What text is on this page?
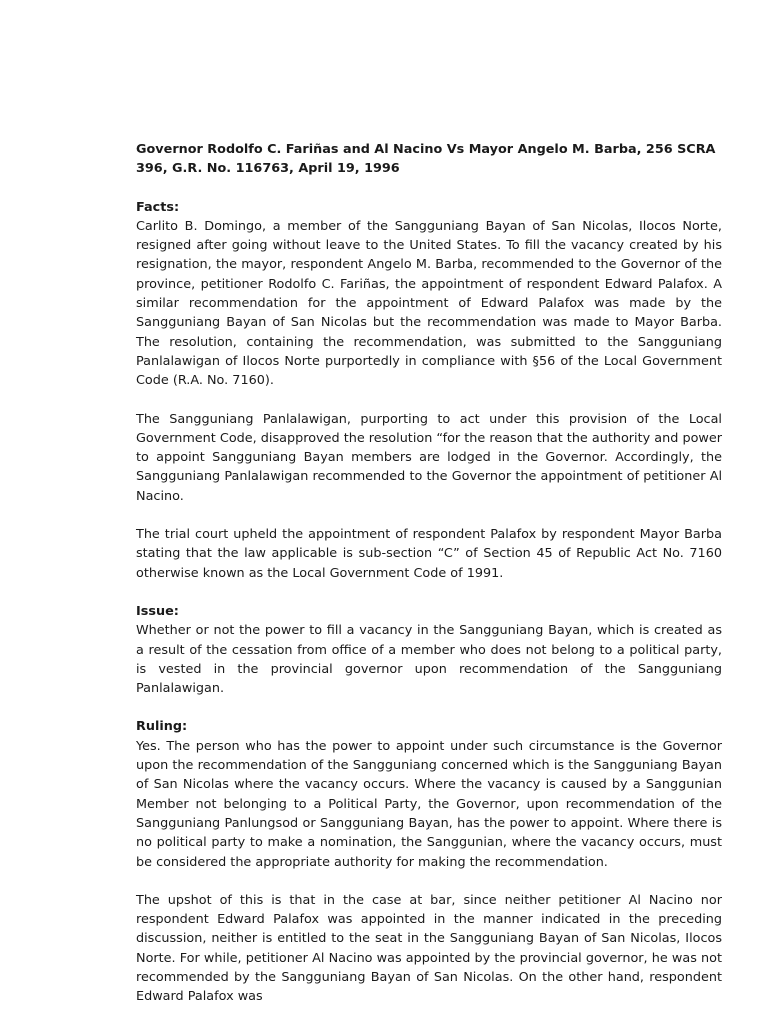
Governor Rodolfo C. Fariñas and Al Nacino Vs Mayor Angelo M. Barba, 256 SCRA 396, G.R. No. 116763, April 19, 1996

Facts:

Carlito B. Domingo, a member of the Sangguniang Bayan of San Nicolas, Ilocos Norte, resigned after going without leave to the United States. To fill the vacancy created by his resignation, the mayor, respondent Angelo M. Barba, recommended to the Governor of the province, petitioner Rodolfo C. Fariñas, the appointment of respondent Edward Palafox. A similar recommendation for the appointment of Edward Palafox was made by the Sangguniang Bayan of San Nicolas but the recommendation was made to Mayor Barba. The resolution, containing the recommendation, was submitted to the Sangguniang Panlalawigan of Ilocos Norte purportedly in compliance with §56 of the Local Government Code (R.A. No. 7160).

The Sangguniang Panlalawigan, purporting to act under this provision of the Local Government Code, disapproved the resolution “for the reason that the authority and power to appoint Sangguniang Bayan members are lodged in the Governor. Accordingly, the Sangguniang Panlalawigan recommended to the Governor the appointment of petitioner Al Nacino.

The trial court upheld the appointment of respondent Palafox by respondent Mayor Barba stating that the law applicable is sub-section “C” of Section 45 of Republic Act No. 7160 otherwise known as the Local Government Code of 1991.

Issue:

Whether or not the power to fill a vacancy in the Sangguniang Bayan, which is created as a result of the cessation from office of a member who does not belong to a political party, is vested in the provincial governor upon recommendation of the Sangguniang Panlalawigan.

Ruling:

Yes. The person who has the power to appoint under such circumstance is the Governor upon the recommendation of the Sangguniang concerned which is the Sangguniang Bayan of San Nicolas where the vacancy occurs. Where the vacancy is caused by a Sanggunian Member not belonging to a Political Party, the Governor, upon recommendation of the Sangguniang Panlungsod or Sangguniang Bayan, has the power to appoint. Where there is no political party to make a nomination, the Sanggunian, where the vacancy occurs, must be considered the appropriate authority for making the recommendation.

The upshot of this is that in the case at bar, since neither petitioner Al Nacino nor respondent Edward Palafox was appointed in the manner indicated in the preceding discussion, neither is entitled to the seat in the Sangguniang Bayan of San Nicolas, Ilocos Norte. For while, petitioner Al Nacino was appointed by the provincial governor, he was not recommended by the Sangguniang Bayan of San Nicolas. On the other hand, respondent Edward Palafox was
